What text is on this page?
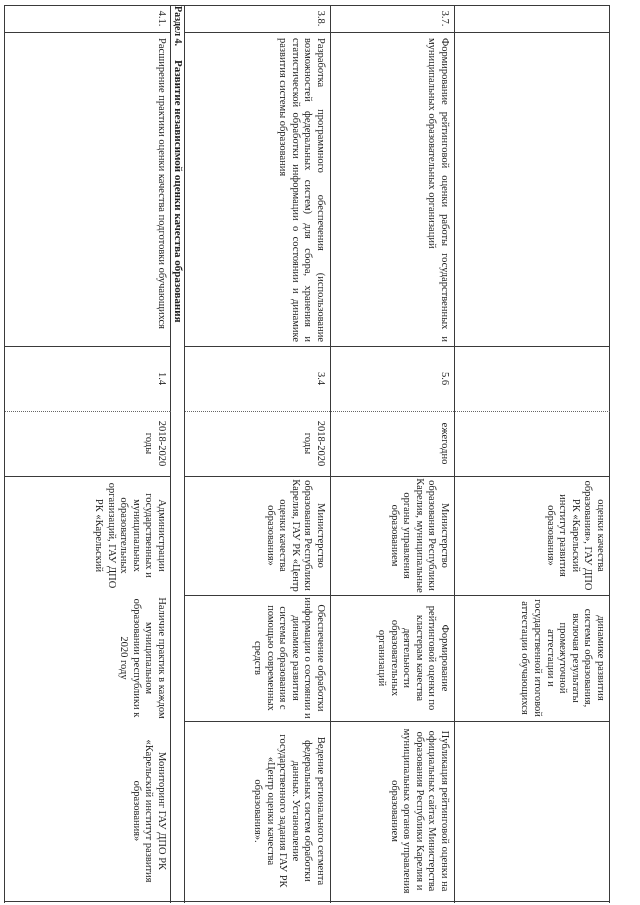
оценки качества образования», ГАУ ДПО РК «Карельский институт развития образования»
динамике развития системы образования, включая результаты промежуточной аттестации и государственной итоговой аттестации обучающихся
3.7.
Формирование рейтинговой оценки работы государственных и муниципальных образовательных организаций
5.6
ежегодно
Министерство образования Республики Карелия, муниципальные органы управления образованием
Формирование рейтинговой оценки по кластерам качества деятельности образовательных организаций
Публикация рейтинговой оценки на официальных сайтах Министерства образования Республики Карелия и муниципальных органов управления образованием
3.8.
Разработка программного обеспечения (использование возможностей федеральных систем) для сбора, хранения и статистической обработки информации о состоянии и динамике развития системы образования
3.4
2018-2020 годы
Министерство образования Республики Карелия, ГАУ РК «Центр оценки качества образования»
Обеспечение обработки информации о состоянии и динамике развития системы образования с помощью современных средств
Ведение регионального сегмента федеральных систем обработки данных. Установление государственного задания ГАУ РК «Центр оценки качества образования».
Раздел 4.
Развитие независимой оценки качества образования
4.1.
Расширение практики оценки качества подготовки обучающихся
1.4
2018-2020 годы
Администрации государственных и муниципальных образовательных организаций, ГАУ ДПО РК «Карельский
Наличие практик в каждом муниципальном образовании республики к 2020 году
Мониторинг ГАУ ДПО РК «Карельский институт развития образования»
